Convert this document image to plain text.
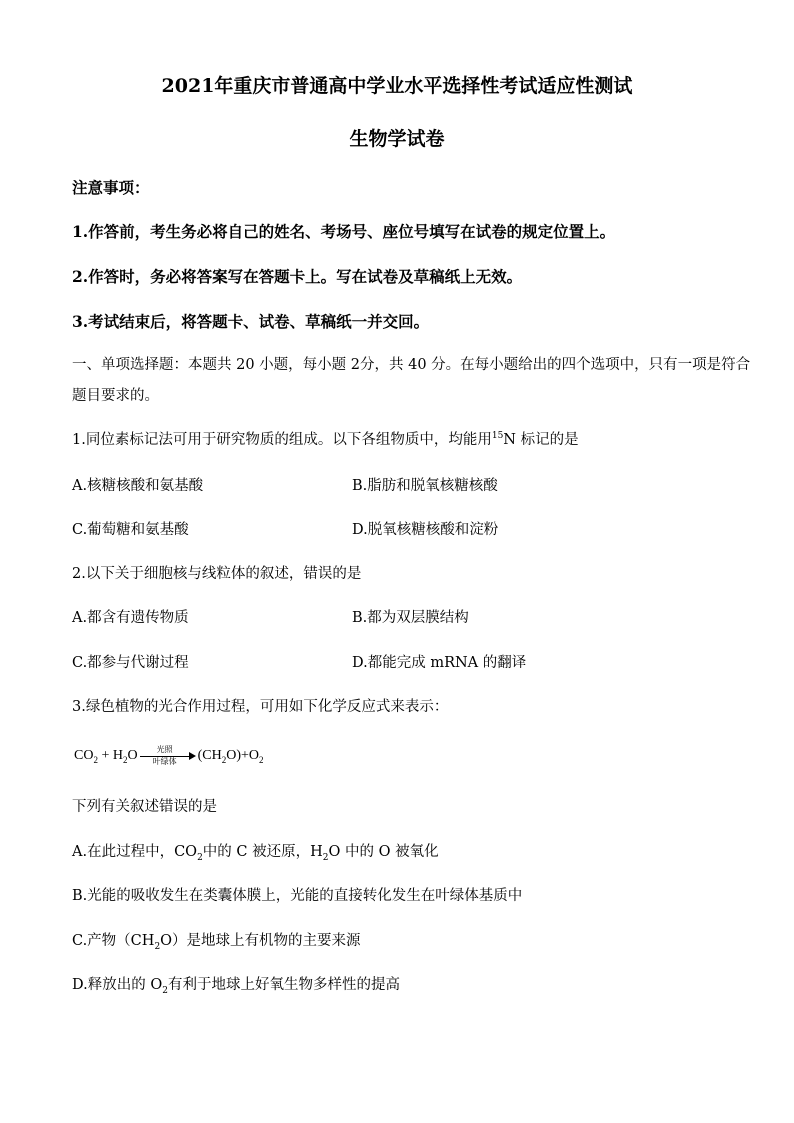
2021年重庆市普通高中学业水平选择性考试适应性测试
生物学试卷
注意事项：
1.作答前，考生务必将自己的姓名、考场号、座位号填写在试卷的规定位置上。
2.作答时，务必将答案写在答题卡上。写在试卷及草稿纸上无效。
3.考试结束后，将答题卡、试卷、草稿纸一并交回。
一、单项选择题：本题共 20 小题，每小题 2分，共 40 分。在每小题给出的四个选项中，只有一项是符合
题目要求的。
1.同位素标记法可用于研究物质的组成。以下各组物质中，均能用$^{15}$N 标记的是
A.核糖核酸和氨基酸	B.脂肪和脱氧核糖核酸
C.葡萄糖和氨基酸	D.脱氧核糖核酸和淀粉
2.以下关于细胞核与线粒体的叙述，错误的是
A.都含有遗传物质	B.都为双层膜结构
C.都参与代谢过程	D.都能完成 mRNA 的翻译
3.绿色植物的光合作用过程，可用如下化学反应式来表示：
$CO_2 + H_2O$	光照
叶绿体	$(CH_2O)+O_2$
下列有关叙述错误的是
A.在此过程中，$CO_2$中的 C 被还原，$H_2O$ 中的 O 被氧化
B.光能的吸收发生在类囊体膜上，光能的直接转化发生在叶绿体基质中
C.产物$(CH_2O)$是地球上有机物的主要来源
D.释放出的 $O_2$有利于地球上好氧生物多样性的提高
